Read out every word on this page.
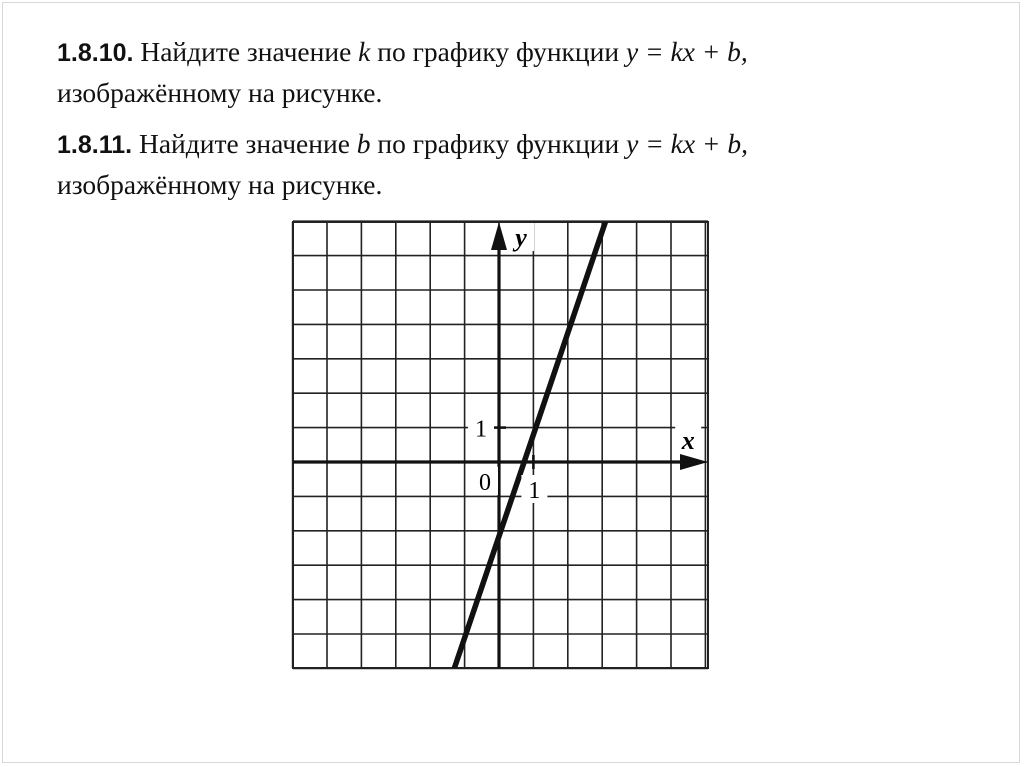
1.8.10. Найдите значение k по графику функции y = kx + b,
изображённому на рисунке.
1.8.11. Найдите значение b по графику функции y = kx + b,
изображённому на рисунке.
1
1
0
y
x
